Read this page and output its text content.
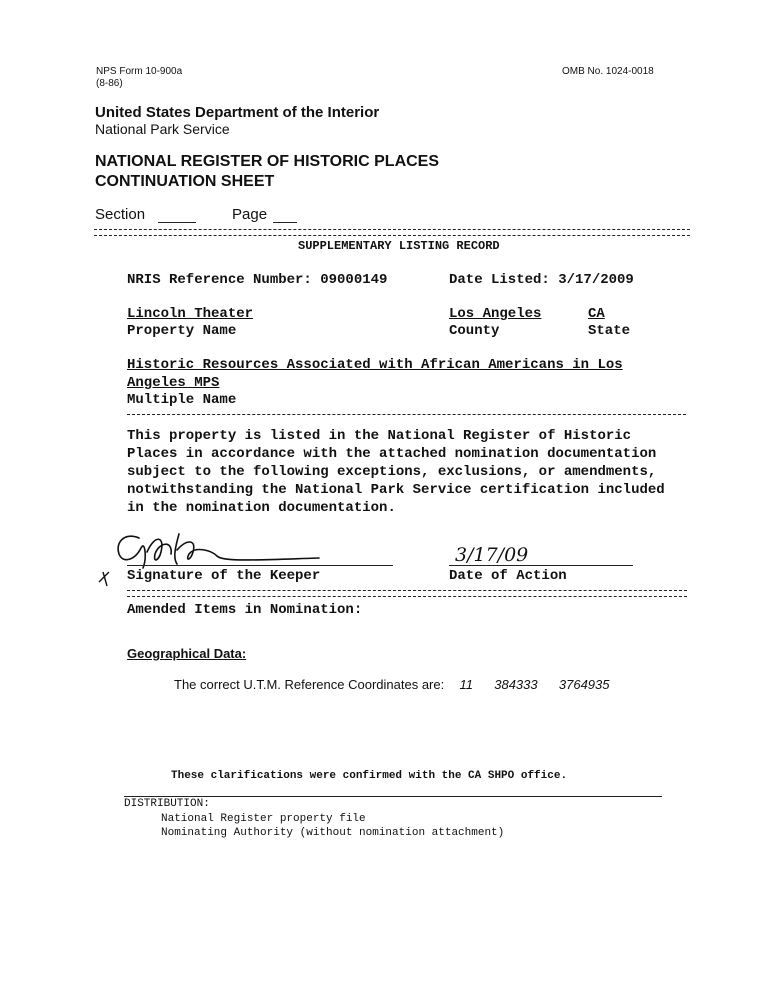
NPS Form 10-900a
(8-86)
OMB No. 1024-0018
United States Department of the Interior
National Park Service
NATIONAL REGISTER OF HISTORIC PLACES
CONTINUATION SHEET
Section	Page
SUPPLEMENTARY LISTING RECORD
NRIS Reference Number: 09000149	Date Listed: 3/17/2009
Lincoln Theater
Property Name
Los Angeles
County
CA
State
Historic Resources Associated with African Americans in Los
Angeles MPS
Multiple Name
This property is listed in the National Register of Historic
Places in accordance with the attached nomination documentation
subject to the following exceptions, exclusions, or amendments,
notwithstanding the National Park Service certification included
in the nomination documentation.
Signature of the Keeper
3/17/09
Date of Action
Amended Items in Nomination:
Geographical Data:
The correct U.T.M. Reference Coordinates are: 11 384333 3764935
These clarifications were confirmed with the CA SHPO office.
DISTRIBUTION:
National Register property file
Nominating Authority (without nomination attachment)
